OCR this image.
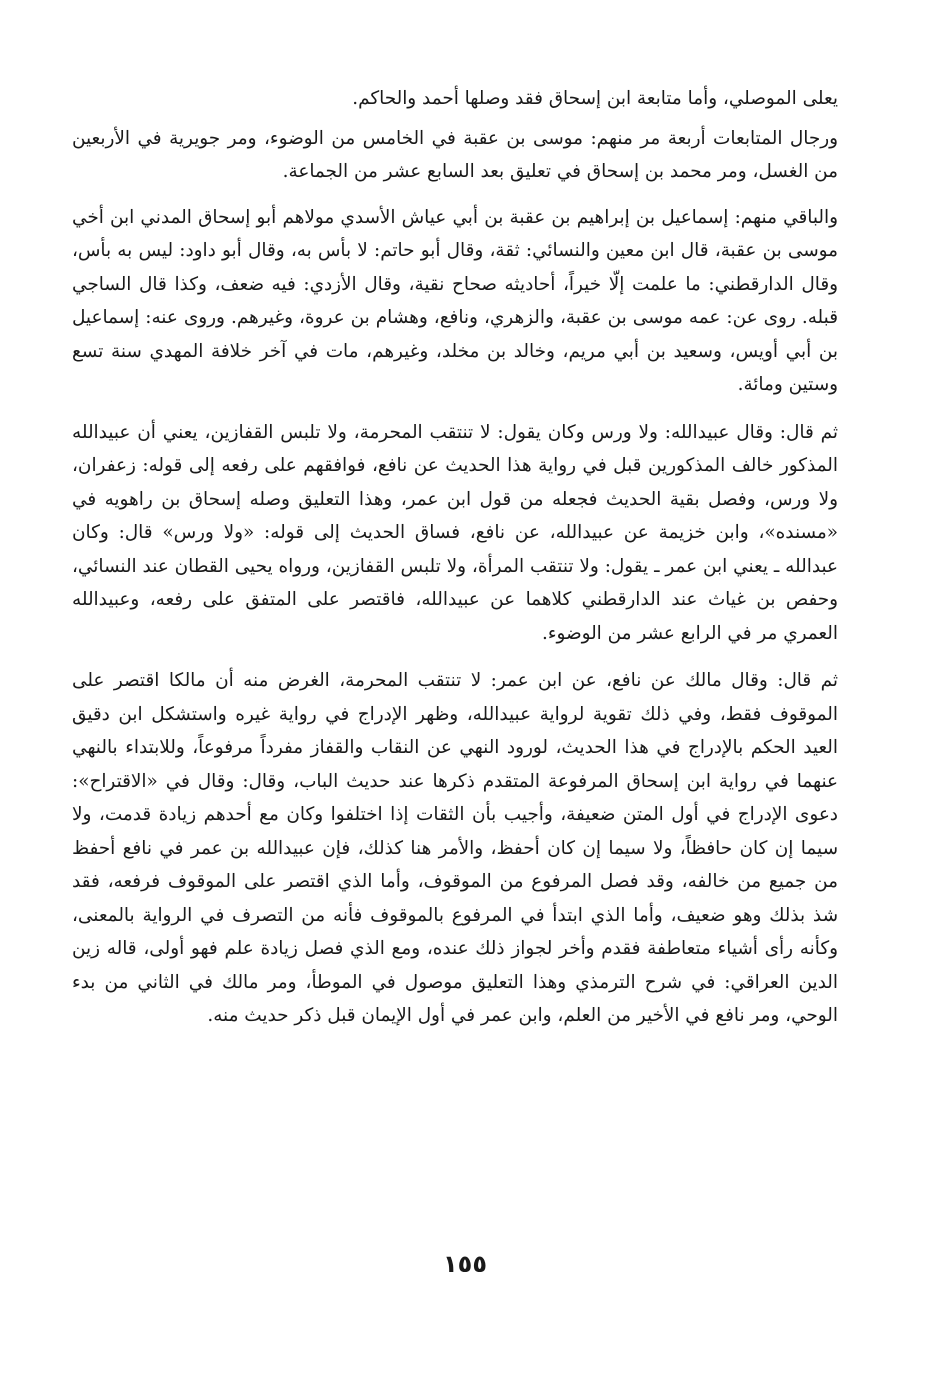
يعلى الموصلي، وأما متابعة ابن إسحاق فقد وصلها أحمد والحاكم.

ورجال المتابعات أربعة مر منهم: موسى بن عقبة في الخامس من الوضوء، ومر جويرية في الأربعين من الغسل، ومر محمد بن إسحاق في تعليق بعد السابع عشر من الجماعة.

والباقي منهم: إسماعيل بن إبراهيم بن عقبة بن أبي عياش الأسدي مولاهم أبو إسحاق المدني ابن أخي موسى بن عقبة، قال ابن معين والنسائي: ثقة، وقال أبو حاتم: لا بأس به، وقال أبو داود: ليس به بأس، وقال الدارقطني: ما علمت إلّا خيراً، أحاديثه صحاح نقية، وقال الأزدي: فيه ضعف، وكذا قال الساجي قبله. روى عن: عمه موسى بن عقبة، والزهري، ونافع، وهشام بن عروة، وغيرهم. وروى عنه: إسماعيل بن أبي أويس، وسعيد بن أبي مريم، وخالد بن مخلد، وغيرهم، مات في آخر خلافة المهدي سنة تسع وستين ومائة.

ثم قال: وقال عبيدالله: ولا ورس وكان يقول: لا تنتقب المحرمة، ولا تلبس القفازين، يعني أن عبيدالله المذكور خالف المذكورين قبل في رواية هذا الحديث عن نافع، فوافقهم على رفعه إلى قوله: زعفران، ولا ورس، وفصل بقية الحديث فجعله من قول ابن عمر، وهذا التعليق وصله إسحاق بن راهويه في «مسنده»، وابن خزيمة عن عبيدالله، عن نافع، فساق الحديث إلى قوله: «ولا ورس» قال: وكان عبدالله ـ يعني ابن عمر ـ يقول: ولا تنتقب المرأة، ولا تلبس القفازين، ورواه يحيى القطان عند النسائي، وحفص بن غياث عند الدارقطني كلاهما عن عبيدالله، فاقتصر على المتفق على رفعه، وعبيدالله العمري مر في الرابع عشر من الوضوء.

ثم قال: وقال مالك عن نافع، عن ابن عمر: لا تنتقب المحرمة، الغرض منه أن مالكا اقتصر على الموقوف فقط، وفي ذلك تقوية لرواية عبيدالله، وظهر الإدراج في رواية غيره واستشكل ابن دقيق العيد الحكم بالإدراج في هذا الحديث، لورود النهي عن النقاب والقفاز مفرداً مرفوعاً، وللابتداء بالنهي عنهما في رواية ابن إسحاق المرفوعة المتقدم ذكرها عند حديث الباب، وقال: وقال في «الاقتراح»: دعوى الإدراج في أول المتن ضعيفة، وأجيب بأن الثقات إذا اختلفوا وكان مع أحدهم زيادة قدمت، ولا سيما إن كان حافظاً، ولا سيما إن كان أحفظ، والأمر هنا كذلك، فإن عبيدالله بن عمر في نافع أحفظ من جميع من خالفه، وقد فصل المرفوع من الموقوف، وأما الذي اقتصر على الموقوف فرفعه، فقد شذ بذلك وهو ضعيف، وأما الذي ابتدأ في المرفوع بالموقوف فأنه من التصرف في الرواية بالمعنى، وكأنه رأى أشياء متعاطفة فقدم وأخر لجواز ذلك عنده، ومع الذي فصل زيادة علم فهو أولى، قاله زين الدين العراقي: في شرح الترمذي وهذا التعليق موصول في الموطأ، ومر مالك في الثاني من بدء الوحي، ومر نافع في الأخير من العلم، وابن عمر في أول الإيمان قبل ذكر حديث منه.

١٥٥
